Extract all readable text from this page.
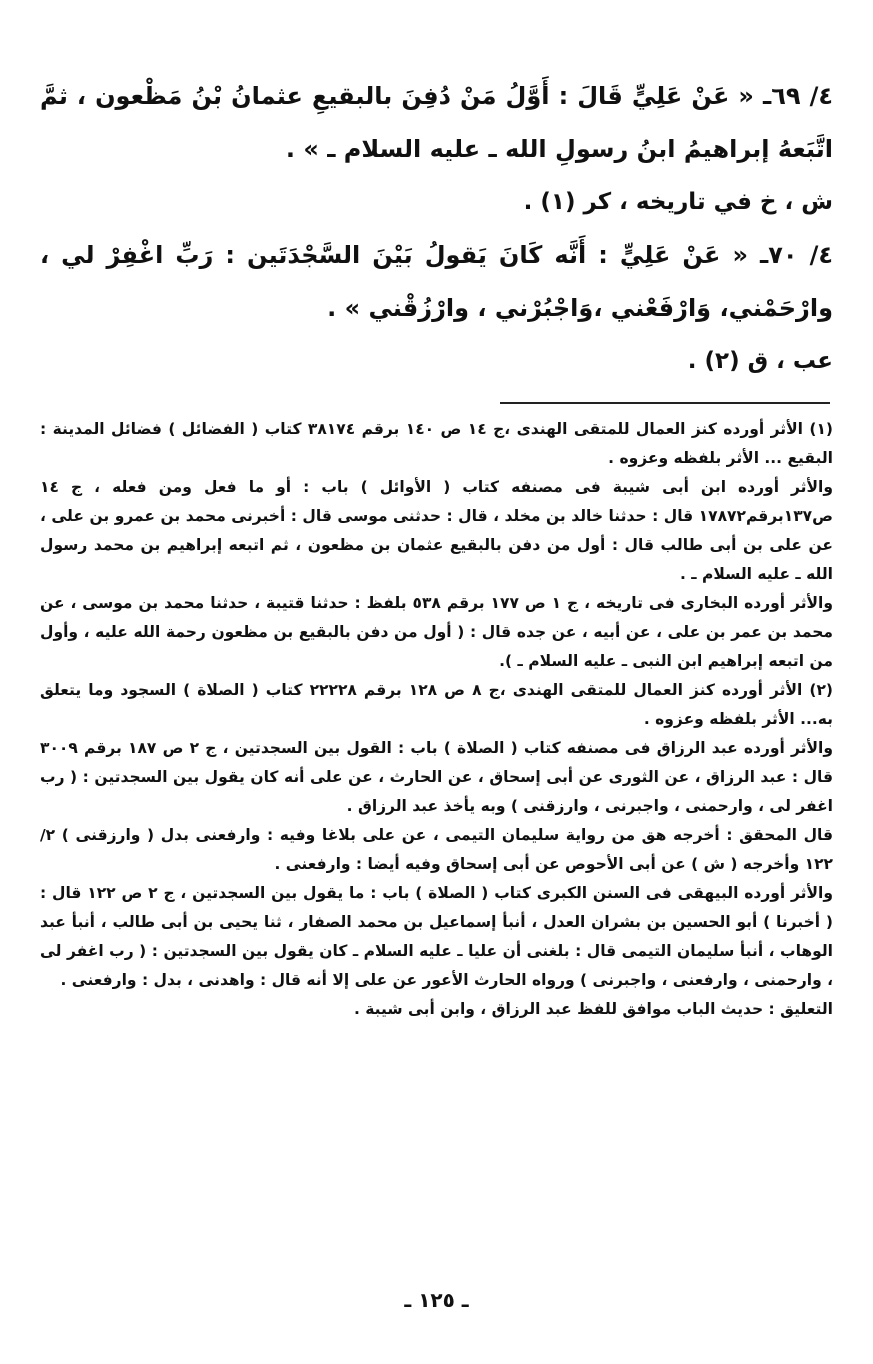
٤/ ٦٩ـ « عَنْ عَلِيٍّ قَالَ : أَوَّلُ مَنْ دُفِنَ بالبقيعِ عثمانُ بْنُ مَظْعون ، ثمَّ اتَّبَعهُ إبراهيمُ ابنُ رسولِ الله ـ عليه السلام ـ » .

ش ، خ في تاريخه ، كر (١) .

٤/ ٧٠ـ « عَنْ عَلِيٍّ : أَنَّه كَانَ يَقولُ بَيْنَ السَّجْدَتَين : رَبِّ اغْفِرْ لي ، وارْحَمْني، وَارْفَعْني ،وَاجْبُرْني ، وارْزُقْني » .

عب ، ق (٢) .

(١) الأثر أورده كنز العمال للمتقى الهندى ،ج ١٤ ص ١٤٠ برقم ٣٨١٧٤ كتاب ( الفضائل ) فضائل المدينة : البقيع ... الأثر بلفظه وعزوه .

والأثر أورده ابن أبى شيبة فى مصنفه كتاب ( الأوائل ) باب : أو ما فعل ومن فعله ، ج ١٤ ص١٣٧برقم١٧٨٧٢ قال : حدثنا خالد بن مخلد ، قال : حدثنى موسى قال : أخبرنى محمد بن عمرو بن على ، عن على بن أبى طالب قال : أول من دفن بالبقيع عثمان بن مظعون ، ثم اتبعه إبراهيم بن محمد رسول الله ـ عليه السلام ـ .

والأثر أورده البخارى فى تاريخه ، ج ١ ص ١٧٧ برقم ٥٣٨ بلفظ : حدثنا قتيبة ، حدثنا محمد بن موسى ، عن محمد بن عمر بن على ، عن أبيه ، عن جده قال : ( أول من دفن بالبقيع بن مظعون رحمة الله عليه ، وأول من اتبعه إبراهيم ابن النبى ـ عليه السلام ـ ).

(٢) الأثر أورده كنز العمال للمتقى الهندى ،ج ٨ ص ١٢٨ برقم ٢٢٢٢٨ كتاب ( الصلاة ) السجود وما يتعلق به... الأثر بلفظه وعزوه .

والأثر أورده عبد الرزاق فى مصنفه كتاب ( الصلاة ) باب : القول بين السجدتين ، ج ٢ ص ١٨٧ برقم ٣٠٠٩ قال : عبد الرزاق ، عن الثورى عن أبى إسحاق ، عن الحارث ، عن على أنه كان يقول بين السجدتين : ( رب اغفر لى ، وارحمنى ، واجبرنى ، وارزقنى ) وبه يأخذ عبد الرزاق .

قال المحقق : أخرجه هق من رواية سليمان التيمى ، عن على بلاغا وفيه : وارفعنى بدل ( وارزقنى ) ٢/ ١٢٢ وأخرجه ( ش ) عن أبى الأحوص عن أبى إسحاق وفيه أيضا : وارفعنى .

والأثر أورده البيهقى فى السنن الكبرى كتاب ( الصلاة ) باب : ما يقول بين السجدتين ، ج ٢ ص ١٢٢ قال : ( أخبرنا ) أبو الحسين بن بشران العدل ، أنبأ إسماعيل بن محمد الصفار ، ثنا يحيى بن أبى طالب ، أنبأ عبد الوهاب ، أنبأ سليمان التيمى قال : بلغنى أن عليا ـ عليه السلام ـ كان يقول بين السجدتين : ( رب اغفر لى ، وارحمنى ، وارفعنى ، واجبرنى ) ورواه الحارث الأعور عن على إلا أنه قال : واهدنى ، بدل : وارفعنى .

التعليق : حديث الباب موافق للفظ عبد الرزاق ، وابن أبى شيبة .

ـ ١٢٥ ـ
